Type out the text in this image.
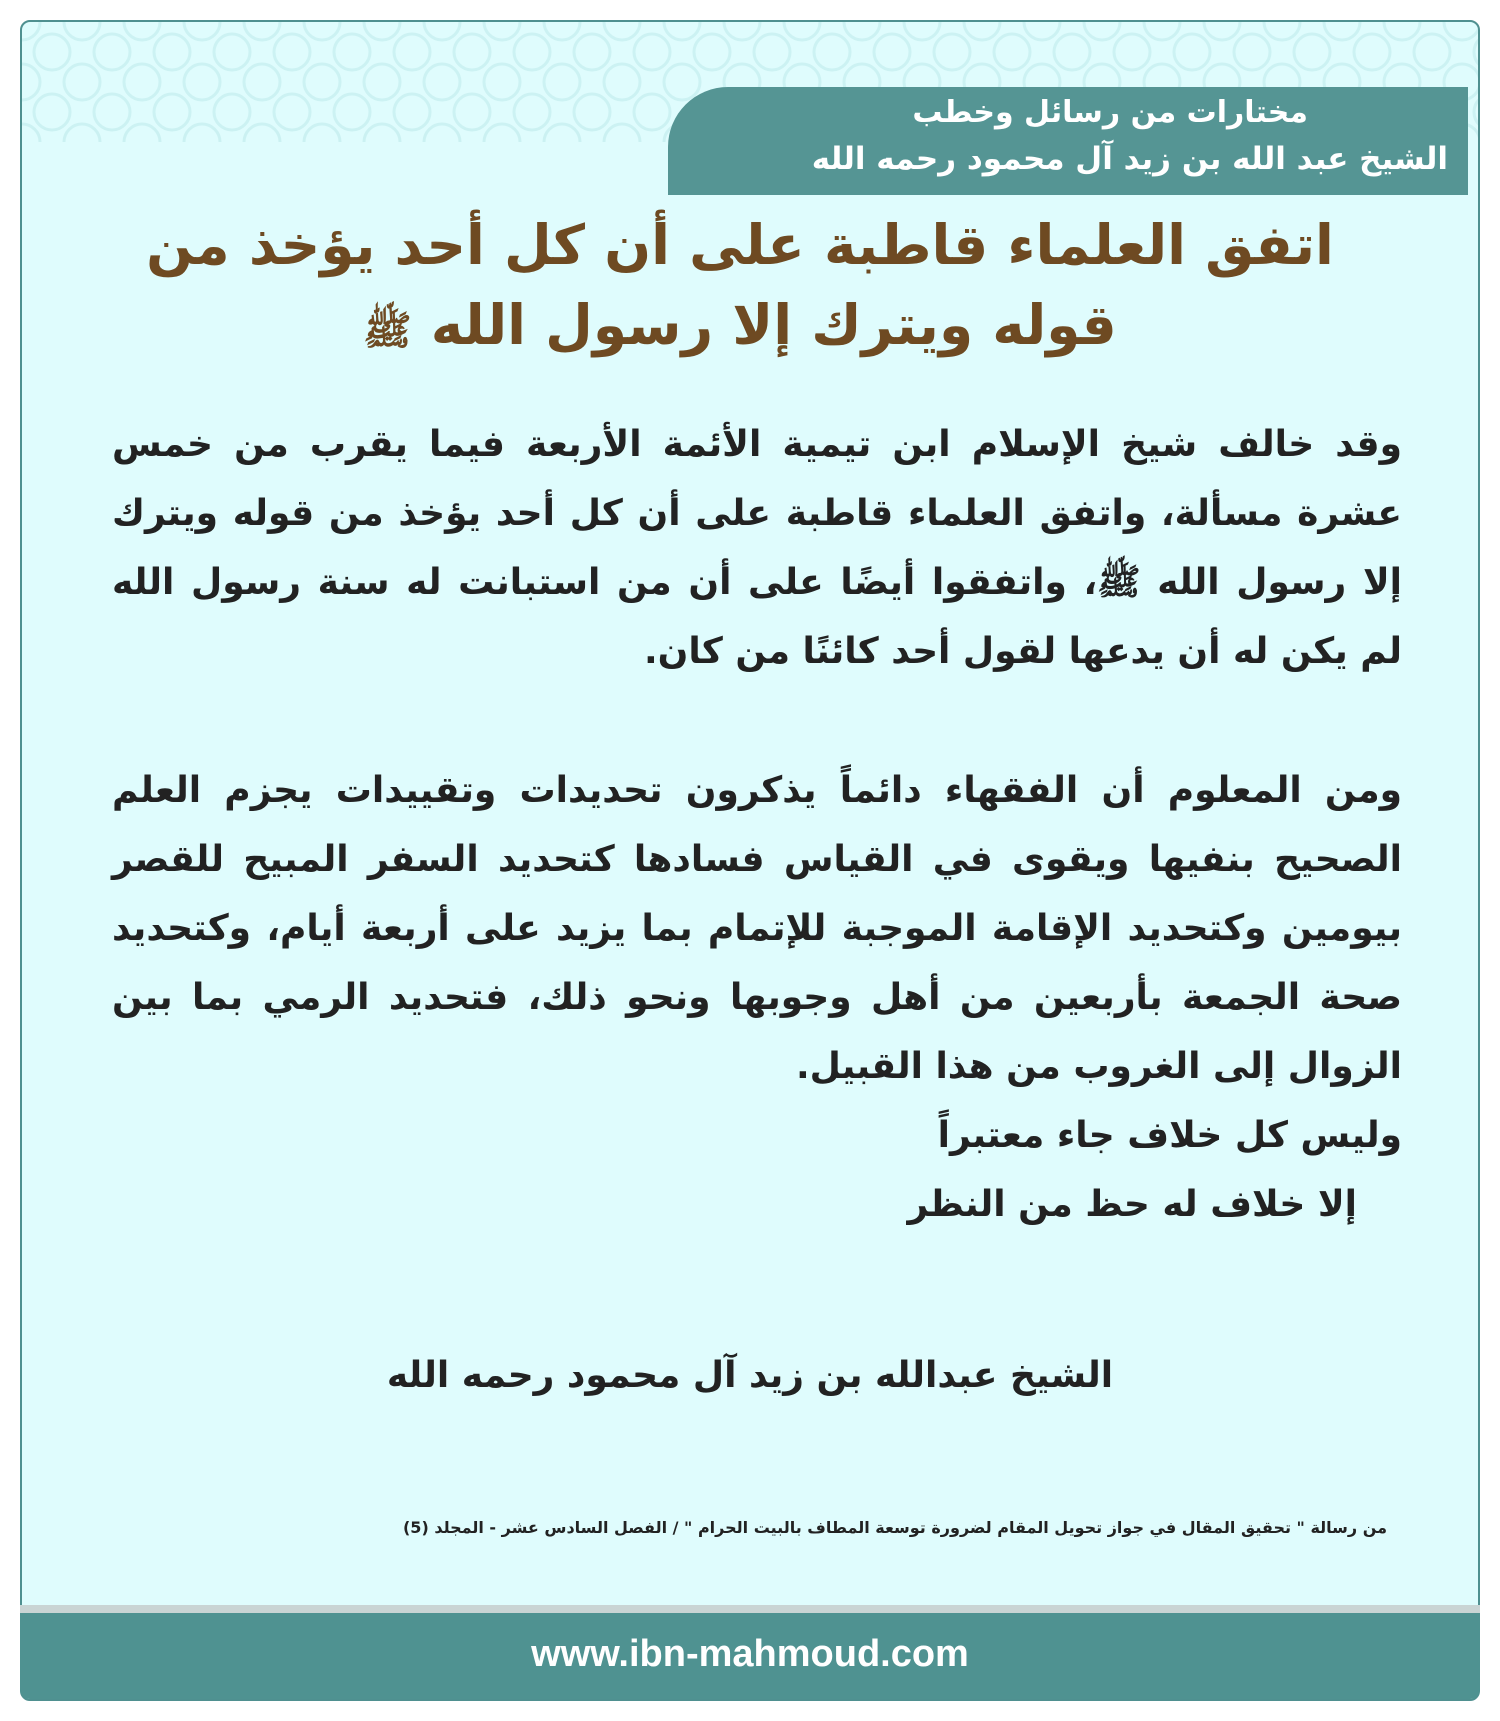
مختارات من رسائل وخطب
الشيخ عبد الله بن زيد آل محمود رحمه الله
اتفق العلماء قاطبة على أن كل أحد يؤخذ من
قوله ويترك إلا رسول الله ﷺ

وقد خالف شيخ الإسلام ابن تيمية الأئمة الأربعة فيما يقرب من خمس عشرة مسألة، واتفق العلماء قاطبة على أن كل أحد يؤخذ من قوله ويترك إلا رسول الله ﷺ، واتفقوا أيضًا على أن من استبانت له سنة رسول الله لم يكن له أن يدعها لقول أحد كائنًا من كان.

ومن المعلوم أن الفقهاء دائماً يذكرون تحديدات وتقييدات يجزم العلم الصحيح بنفيها ويقوى في القياس فسادها كتحديد السفر المبيح للقصر بيومين وكتحديد الإقامة الموجبة للإتمام بما يزيد على أربعة أيام، وكتحديد صحة الجمعة بأربعين من أهل وجوبها ونحو ذلك، فتحديد الرمي بما بين الزوال إلى الغروب من هذا القبيل.

وليس كل خلاف جاء معتبراً

إلا خلاف له حظ من النظر

الشيخ عبدالله بن زيد آل محمود رحمه الله
من رسالة " تحقيق المقال في جواز تحويل المقام لضرورة توسعة المطاف بالبيت الحرام " / الفصل السادس عشر - المجلد (5)
www.ibn-mahmoud.com
